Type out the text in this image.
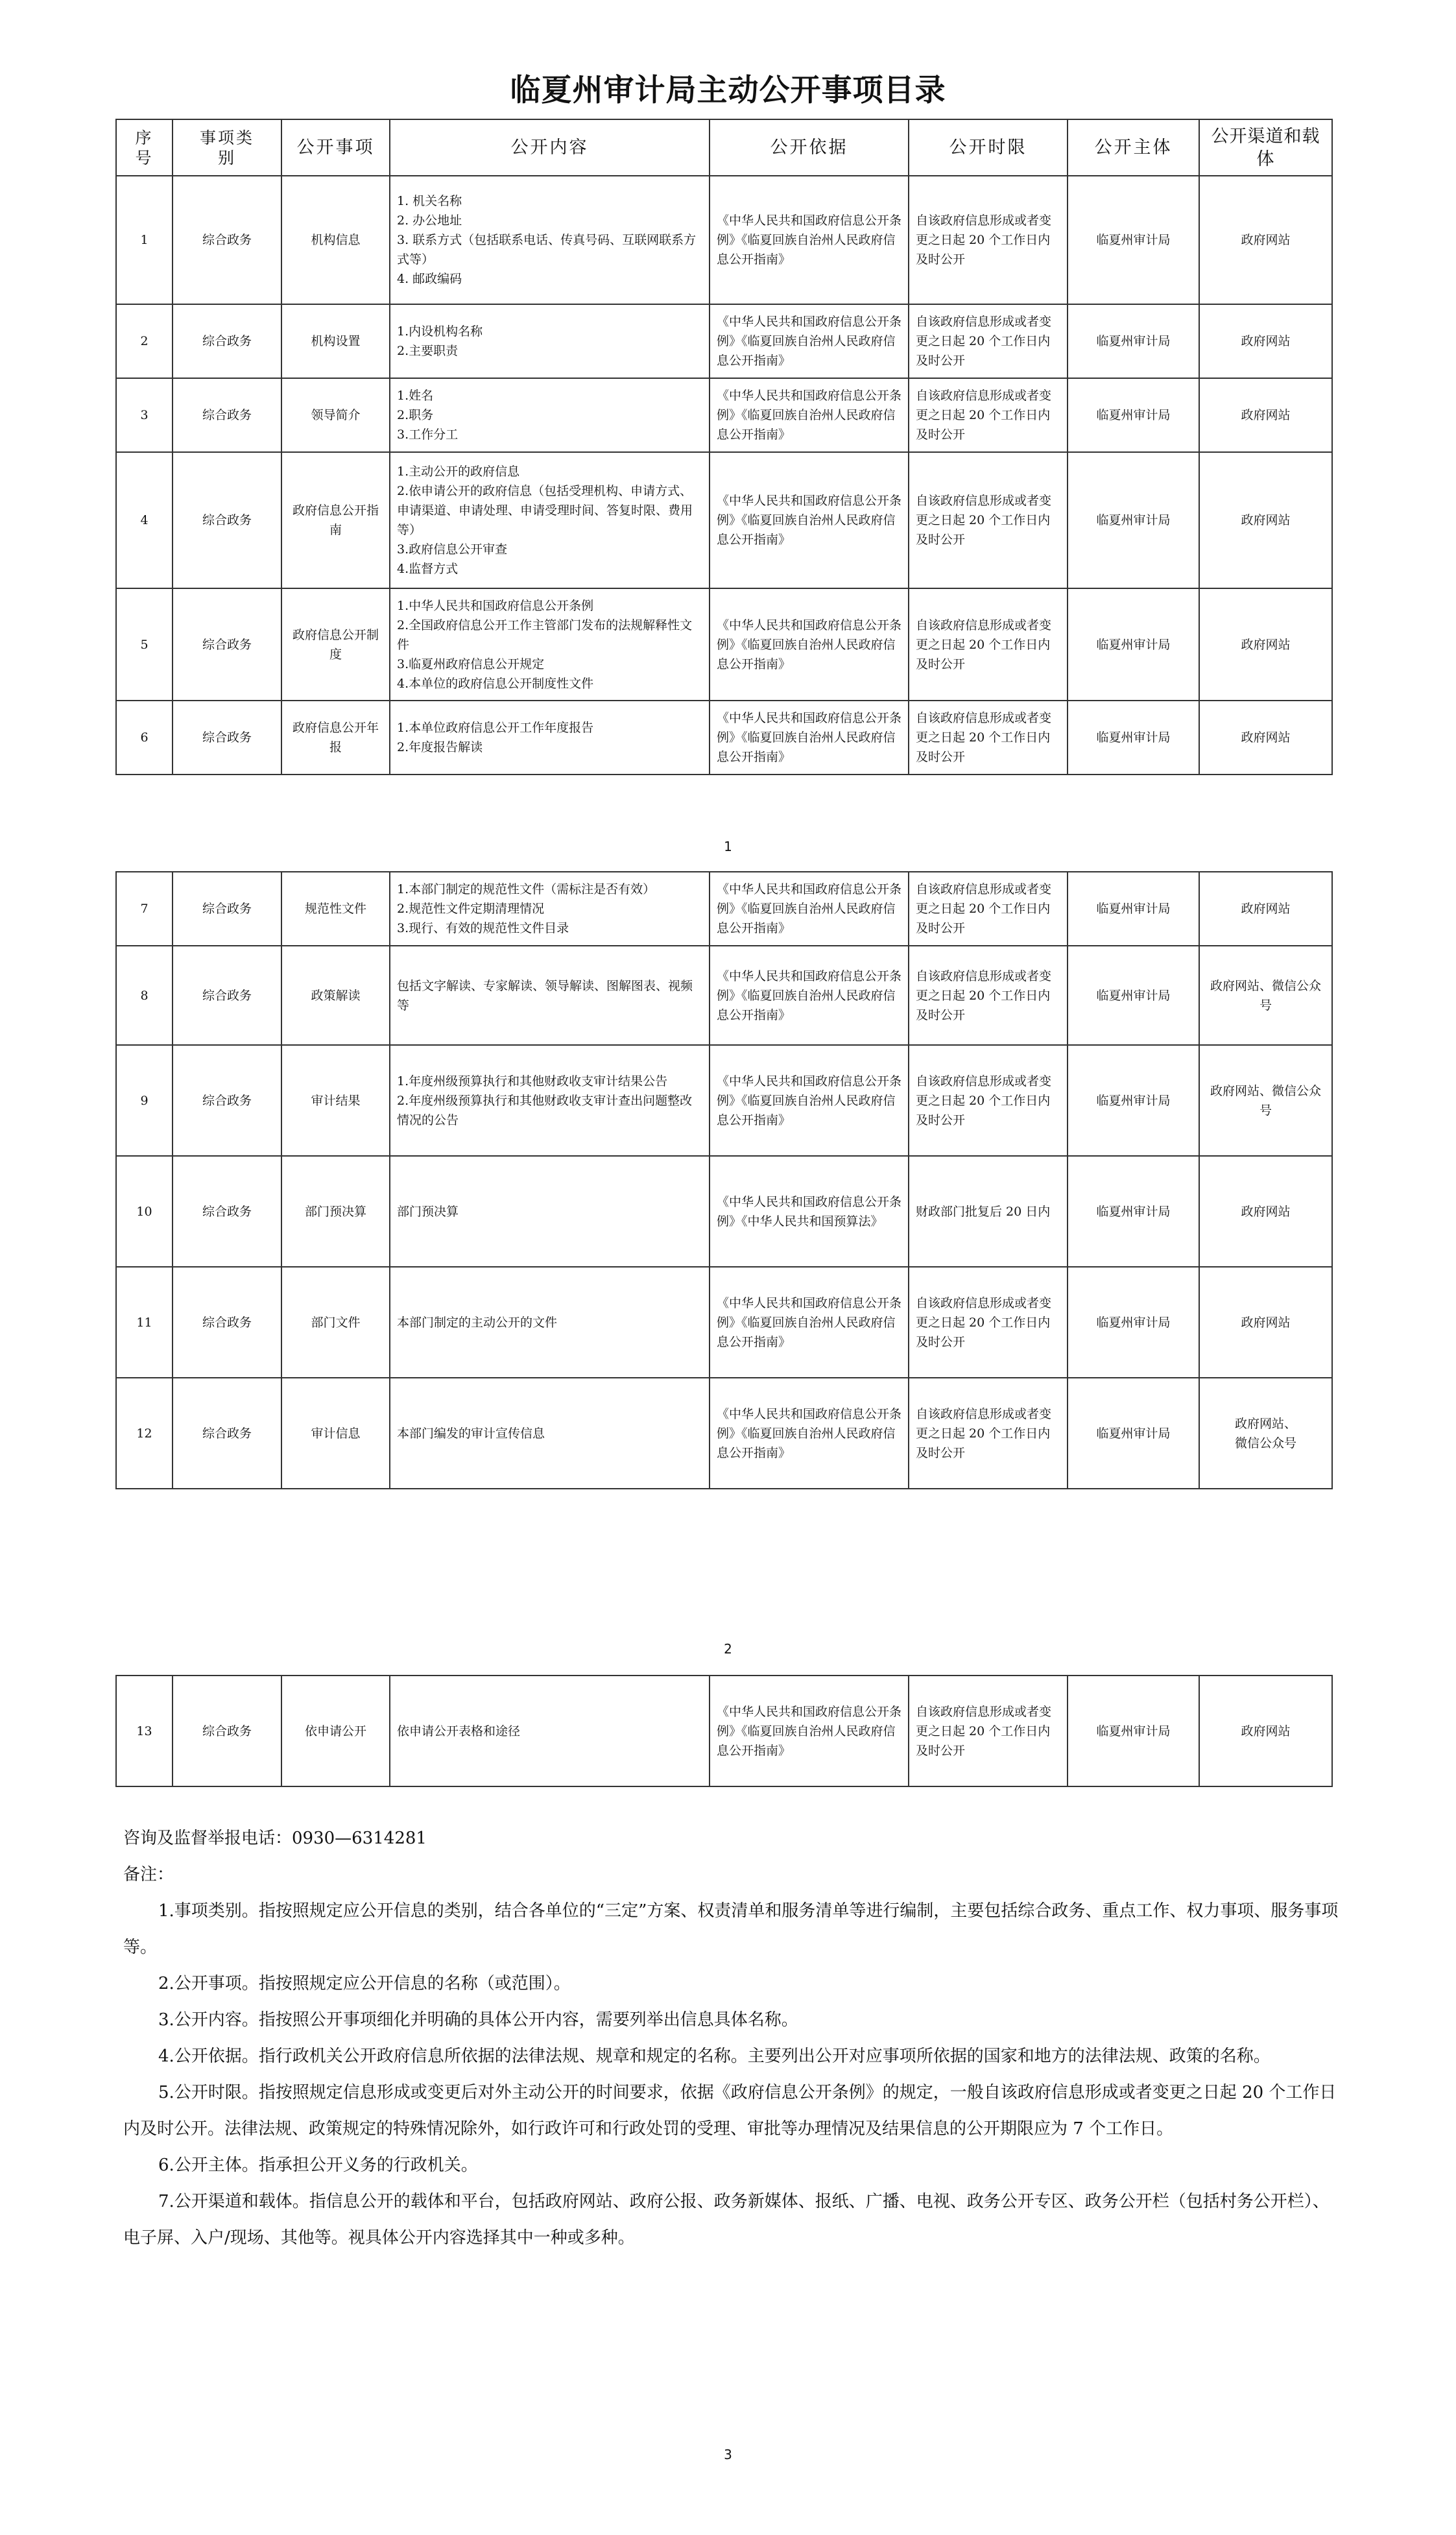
临夏州审计局主动公开事项目录
序号	事项类别	公开事项	公开内容	公开依据	公开时限	公开主体	公开渠道和载体
1	综合政务	机构信息	1. 机关名称
2. 办公地址
3. 联系方式（包括联系电话、传真号码、互联网联系方式等）
4. 邮政编码	《中华人民共和国政府信息公开条例》《临夏回族自治州人民政府信息公开指南》	自该政府信息形成或者变更之日起 20 个工作日内及时公开	临夏州审计局	政府网站
2	综合政务	机构设置	1.内设机构名称
2.主要职责	《中华人民共和国政府信息公开条例》《临夏回族自治州人民政府信息公开指南》	自该政府信息形成或者变更之日起 20 个工作日内及时公开	临夏州审计局	政府网站
3	综合政务	领导简介	1.姓名
2.职务
3.工作分工	《中华人民共和国政府信息公开条例》《临夏回族自治州人民政府信息公开指南》	自该政府信息形成或者变更之日起 20 个工作日内及时公开	临夏州审计局	政府网站
4	综合政务	政府信息公开指南	1.主动公开的政府信息
2.依申请公开的政府信息（包括受理机构、申请方式、申请渠道、申请处理、申请受理时间、答复时限、费用等）
3.政府信息公开审查
4.监督方式	《中华人民共和国政府信息公开条例》《临夏回族自治州人民政府信息公开指南》	自该政府信息形成或者变更之日起 20 个工作日内及时公开	临夏州审计局	政府网站
5	综合政务	政府信息公开制度	1.中华人民共和国政府信息公开条例
2.全国政府信息公开工作主管部门发布的法规解释性文件
3.临夏州政府信息公开规定
4.本单位的政府信息公开制度性文件	《中华人民共和国政府信息公开条例》《临夏回族自治州人民政府信息公开指南》	自该政府信息形成或者变更之日起 20 个工作日内及时公开	临夏州审计局	政府网站
6	综合政务	政府信息公开年报	1.本单位政府信息公开工作年度报告
2.年度报告解读	《中华人民共和国政府信息公开条例》《临夏回族自治州人民政府信息公开指南》	自该政府信息形成或者变更之日起 20 个工作日内及时公开	临夏州审计局	政府网站
1
7	综合政务	规范性文件	1.本部门制定的规范性文件（需标注是否有效）
2.规范性文件定期清理情况
3.现行、有效的规范性文件目录	《中华人民共和国政府信息公开条例》《临夏回族自治州人民政府信息公开指南》	自该政府信息形成或者变更之日起 20 个工作日内及时公开	临夏州审计局	政府网站
8	综合政务	政策解读	包括文字解读、专家解读、领导解读、图解图表、视频等	《中华人民共和国政府信息公开条例》《临夏回族自治州人民政府信息公开指南》	自该政府信息形成或者变更之日起 20 个工作日内及时公开	临夏州审计局	政府网站、微信公众号
9	综合政务	审计结果	1.年度州级预算执行和其他财政收支审计结果公告
2.年度州级预算执行和其他财政收支审计查出问题整改情况的公告	《中华人民共和国政府信息公开条例》《临夏回族自治州人民政府信息公开指南》	自该政府信息形成或者变更之日起 20 个工作日内及时公开	临夏州审计局	政府网站、微信公众号
10	综合政务	部门预决算	部门预决算	《中华人民共和国政府信息公开条例》《中华人民共和国预算法》	财政部门批复后 20 日内	临夏州审计局	政府网站
11	综合政务	部门文件	本部门制定的主动公开的文件	《中华人民共和国政府信息公开条例》《临夏回族自治州人民政府信息公开指南》	自该政府信息形成或者变更之日起 20 个工作日内及时公开	临夏州审计局	政府网站
12	综合政务	审计信息	本部门编发的审计宣传信息	《中华人民共和国政府信息公开条例》《临夏回族自治州人民政府信息公开指南》	自该政府信息形成或者变更之日起 20 个工作日内及时公开	临夏州审计局	政府网站、
微信公众号
2
13	综合政务	依申请公开	依申请公开表格和途径	《中华人民共和国政府信息公开条例》《临夏回族自治州人民政府信息公开指南》	自该政府信息形成或者变更之日起 20 个工作日内及时公开	临夏州审计局	政府网站

咨询及监督举报电话：0930—6314281

备注：

1.事项类别。指按照规定应公开信息的类别，结合各单位的“三定”方案、权责清单和服务清单等进行编制，主要包括综合政务、重点工作、权力事项、服务事项等。

2.公开事项。指按照规定应公开信息的名称（或范围）。

3.公开内容。指按照公开事项细化并明确的具体公开内容，需要列举出信息具体名称。

4.公开依据。指行政机关公开政府信息所依据的法律法规、规章和规定的名称。主要列出公开对应事项所依据的国家和地方的法律法规、政策的名称。

5.公开时限。指按照规定信息形成或变更后对外主动公开的时间要求，依据《政府信息公开条例》的规定，一般自该政府信息形成或者变更之日起 20 个工作日内及时公开。法律法规、政策规定的特殊情况除外，如行政许可和行政处罚的受理、审批等办理情况及结果信息的公开期限应为 7 个工作日。

6.公开主体。指承担公开义务的行政机关。

7.公开渠道和载体。指信息公开的载体和平台，包括政府网站、政府公报、政务新媒体、报纸、广播、电视、政务公开专区、政务公开栏（包括村务公开栏）、电子屏、入户/现场、其他等。视具体公开内容选择其中一种或多种。

3
